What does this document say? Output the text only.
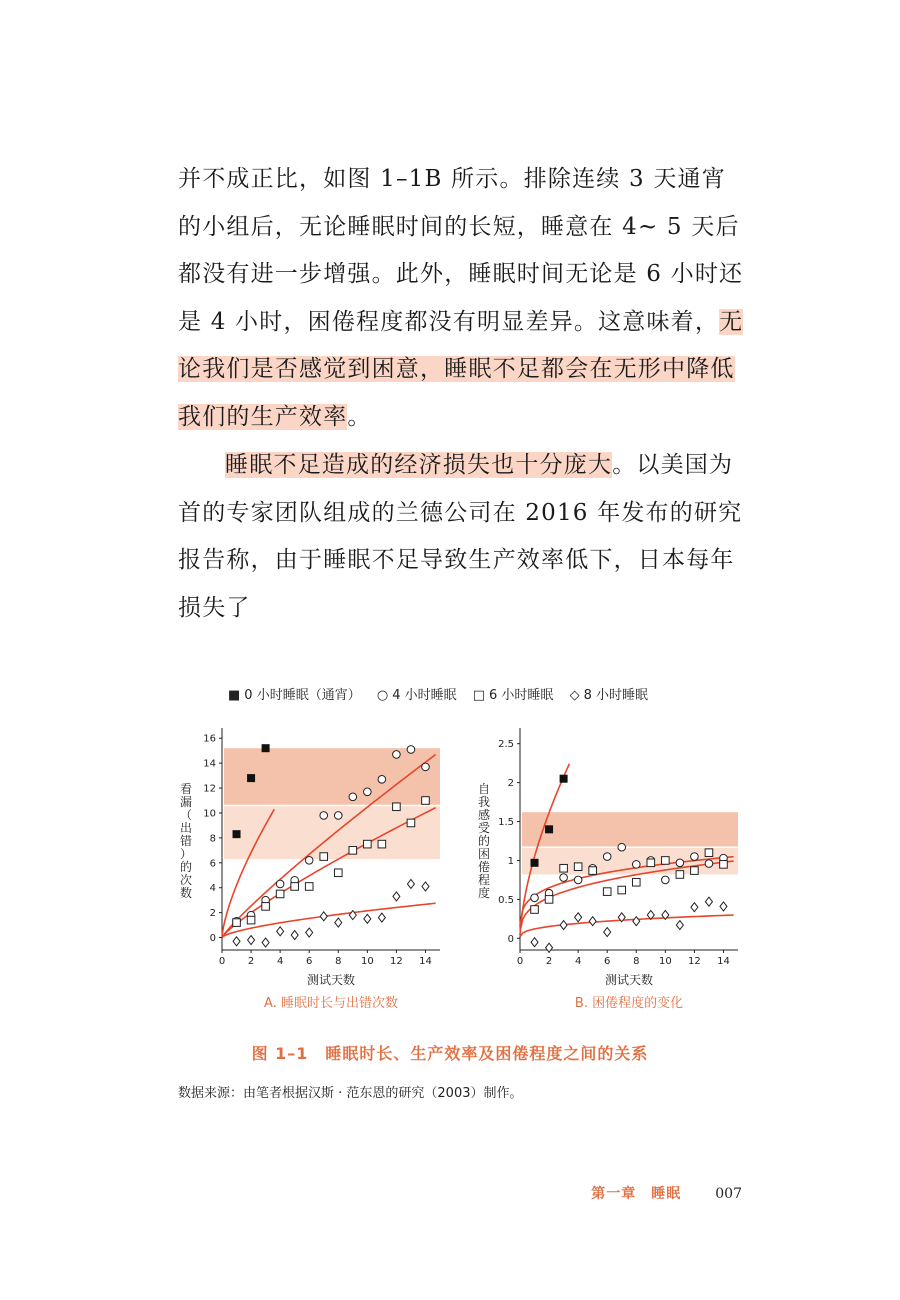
并不成正比，如图 1–1B 所示。排除连续 3 天通宵的小组后，无论睡眠时间的长短，睡意在 4~ 5 天后都没有进一步增强。此外，睡眠时间无论是 6 小时还是 4 小时，困倦程度都没有明显差异。这意味着，无论我们是否感觉到困意，睡眠不足都会在无形中降低我们的生产效率。

睡眠不足造成的经济损失也十分庞大。以美国为首的专家团队组成的兰德公司在 2016 年发布的研究报告称，由于睡眠不足导致生产效率低下，日本每年损失了

■ 0 小时睡眠（通宵） ○ 4 小时睡眠 □ 6 小时睡眠 ◇ 8 小时睡眠
0
2
4
6
8
10
12
14
16
0 2 4 6 8 10 12 14
测试天数
看漏（出错）的次数
A. 睡眠时长与出错次数
0
0.5
1
1.5
2
2.5
0 2 4 6 8 10 12 14
测试天数
自我感受的困倦程度
B. 困倦程度的变化
图 1–1　睡眠时长、生产效率及困倦程度之间的关系
数据来源：由笔者根据汉斯 · 范东恩的研究（2003）制作。
第一章　睡眠 007
